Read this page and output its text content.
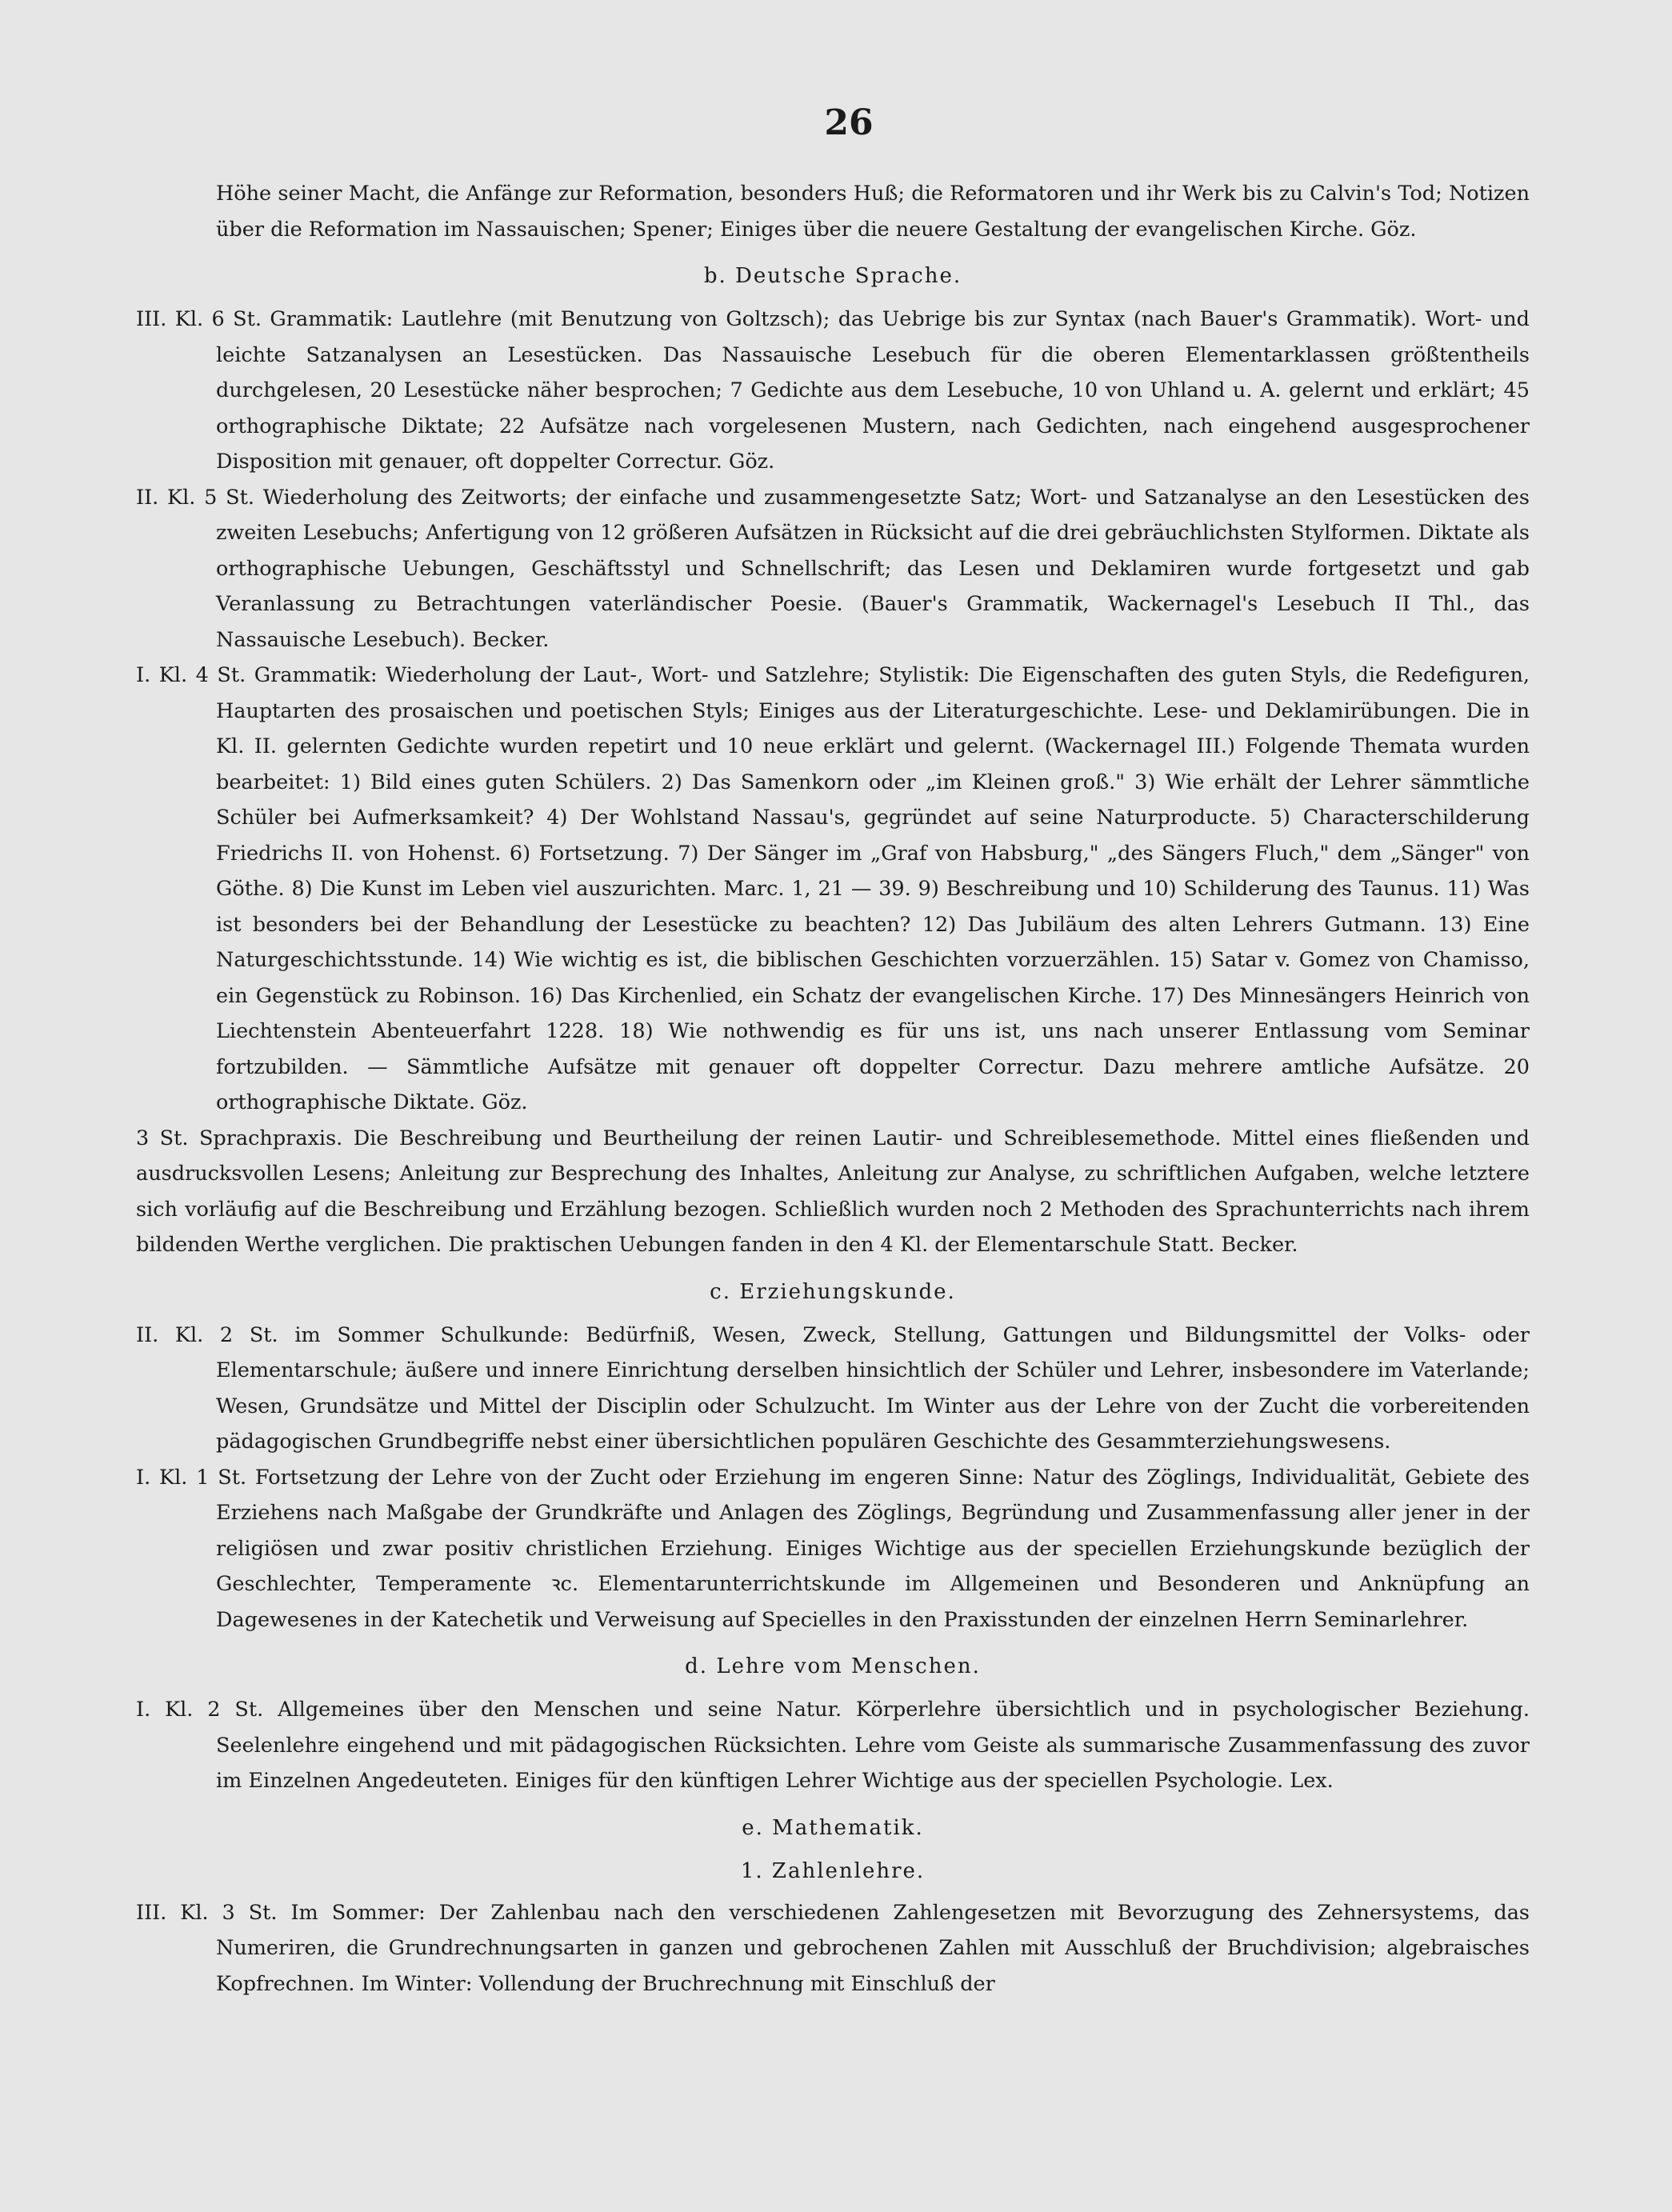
26

Höhe seiner Macht, die Anfänge zur Reformation, besonders Huß; die Reformatoren und ihr Werk bis zu Calvin's Tod; Notizen über die Reformation im Nassauischen; Spener; Einiges über die neuere Gestaltung der evangelischen Kirche. Göz.

b. Deutsche Sprache.

III. Kl. 6 St. Grammatik: Lautlehre (mit Benutzung von Goltzsch); das Uebrige bis zur Syntax (nach Bauer's Grammatik). Wort- und leichte Satzanalysen an Lesestücken. Das Nassauische Lesebuch für die oberen Elementarklassen größtentheils durchgelesen, 20 Lesestücke näher besprochen; 7 Gedichte aus dem Lesebuche, 10 von Uhland u. A. gelernt und erklärt; 45 orthographische Diktate; 22 Aufsätze nach vorgelesenen Mustern, nach Gedichten, nach eingehend ausgesprochener Disposition mit genauer, oft doppelter Correctur. Göz.

II. Kl. 5 St. Wiederholung des Zeitworts; der einfache und zusammengesetzte Satz; Wort- und Satzanalyse an den Lesestücken des zweiten Lesebuchs; Anfertigung von 12 größeren Aufsätzen in Rücksicht auf die drei gebräuchlichsten Stylformen. Diktate als orthographische Uebungen, Geschäftsstyl und Schnellschrift; das Lesen und Deklamiren wurde fortgesetzt und gab Veranlassung zu Betrachtungen vaterländischer Poesie. (Bauer's Grammatik, Wackernagel's Lesebuch II Thl., das Nassauische Lesebuch). Becker.

I. Kl. 4 St. Grammatik: Wiederholung der Laut-, Wort- und Satzlehre; Stylistik: Die Eigenschaften des guten Styls, die Redefiguren, Hauptarten des prosaischen und poetischen Styls; Einiges aus der Literaturgeschichte. Lese- und Deklamirübungen. Die in Kl. II. gelernten Gedichte wurden repetirt und 10 neue erklärt und gelernt. (Wackernagel III.) Folgende Themata wurden bearbeitet: 1) Bild eines guten Schülers. 2) Das Samenkorn oder „im Kleinen groß." 3) Wie erhält der Lehrer sämmtliche Schüler bei Aufmerksamkeit? 4) Der Wohlstand Nassau's, gegründet auf seine Naturproducte. 5) Characterschilderung Friedrichs II. von Hohenst. 6) Fortsetzung. 7) Der Sänger im „Graf von Habsburg," „des Sängers Fluch," dem „Sänger" von Göthe. 8) Die Kunst im Leben viel auszurichten. Marc. 1, 21 — 39. 9) Beschreibung und 10) Schilderung des Taunus. 11) Was ist besonders bei der Behandlung der Lesestücke zu beachten? 12) Das Jubiläum des alten Lehrers Gutmann. 13) Eine Naturgeschichtsstunde. 14) Wie wichtig es ist, die biblischen Geschichten vorzuerzählen. 15) Satar v. Gomez von Chamisso, ein Gegenstück zu Robinson. 16) Das Kirchenlied, ein Schatz der evangelischen Kirche. 17) Des Minnesängers Heinrich von Liechtenstein Abenteuerfahrt 1228. 18) Wie nothwendig es für uns ist, uns nach unserer Entlassung vom Seminar fortzubilden. — Sämmtliche Aufsätze mit genauer oft doppelter Correctur. Dazu mehrere amtliche Aufsätze. 20 orthographische Diktate. Göz.

3 St. Sprachpraxis. Die Beschreibung und Beurtheilung der reinen Lautir- und Schreiblesemethode. Mittel eines fließenden und ausdrucksvollen Lesens; Anleitung zur Besprechung des Inhaltes, Anleitung zur Analyse, zu schriftlichen Aufgaben, welche letztere sich vorläufig auf die Beschreibung und Erzählung bezogen. Schließlich wurden noch 2 Methoden des Sprachunterrichts nach ihrem bildenden Werthe verglichen. Die praktischen Uebungen fanden in den 4 Kl. der Elementarschule Statt. Becker.

c. Erziehungskunde.

II. Kl. 2 St. im Sommer Schulkunde: Bedürfniß, Wesen, Zweck, Stellung, Gattungen und Bildungsmittel der Volks- oder Elementarschule; äußere und innere Einrichtung derselben hinsichtlich der Schüler und Lehrer, insbesondere im Vaterlande; Wesen, Grundsätze und Mittel der Disciplin oder Schulzucht. Im Winter aus der Lehre von der Zucht die vorbereitenden pädagogischen Grundbegriffe nebst einer übersichtlichen populären Geschichte des Gesammterziehungswesens.

I. Kl. 1 St. Fortsetzung der Lehre von der Zucht oder Erziehung im engeren Sinne: Natur des Zöglings, Individualität, Gebiete des Erziehens nach Maßgabe der Grundkräfte und Anlagen des Zöglings, Begründung und Zusammenfassung aller jener in der religiösen und zwar positiv christlichen Erziehung. Einiges Wichtige aus der speciellen Erziehungskunde bezüglich der Geschlechter, Temperamente ꝛc. Elementarunterrichtskunde im Allgemeinen und Besonderen und Anknüpfung an Dagewesenes in der Katechetik und Verweisung auf Specielles in den Praxisstunden der einzelnen Herrn Seminarlehrer.

d. Lehre vom Menschen.

I. Kl. 2 St. Allgemeines über den Menschen und seine Natur. Körperlehre übersichtlich und in psychologischer Beziehung. Seelenlehre eingehend und mit pädagogischen Rücksichten. Lehre vom Geiste als summarische Zusammenfassung des zuvor im Einzelnen Angedeuteten. Einiges für den künftigen Lehrer Wichtige aus der speciellen Psychologie. Lex.

e. Mathematik.
1. Zahlenlehre.

III. Kl. 3 St. Im Sommer: Der Zahlenbau nach den verschiedenen Zahlengesetzen mit Bevorzugung des Zehnersystems, das Numeriren, die Grundrechnungsarten in ganzen und gebrochenen Zahlen mit Ausschluß der Bruchdivision; algebraisches Kopfrechnen. Im Winter: Vollendung der Bruchrechnung mit Einschluß der
